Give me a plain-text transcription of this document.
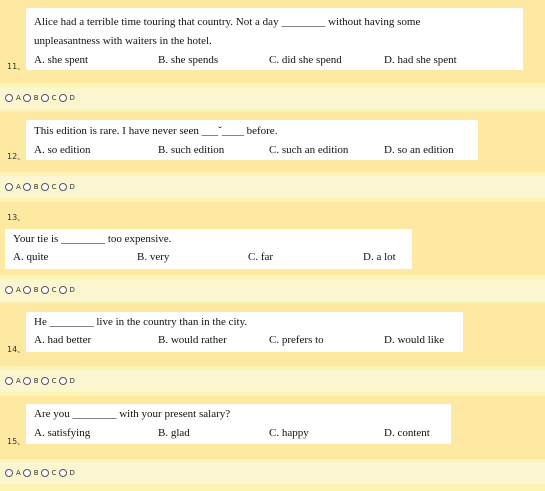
Alice had a terrible time touring that country. Not a day ________ without having some
unpleasantness with waiters in the hotel.
A. she spent	B. she spends	C. did she spend	D. had she spent
11、
A B C D
This edition is rare. I have never seen ___ˇ____ before.
A. so edition	B. such edition	C. such an edition	D. so an edition
12、
A B C D
13、
Your tie is ________ too expensive.
A. quite	B. very	C. far	D. a lot
A B C D
He ________ live in the country than in the city.
A. had better	B. would rather	C. prefers to	D. would like
14、
A B C D
Are you ________ with your present salary?
A. satisfying	B. glad	C. happy	D. content
15、
A B C D
